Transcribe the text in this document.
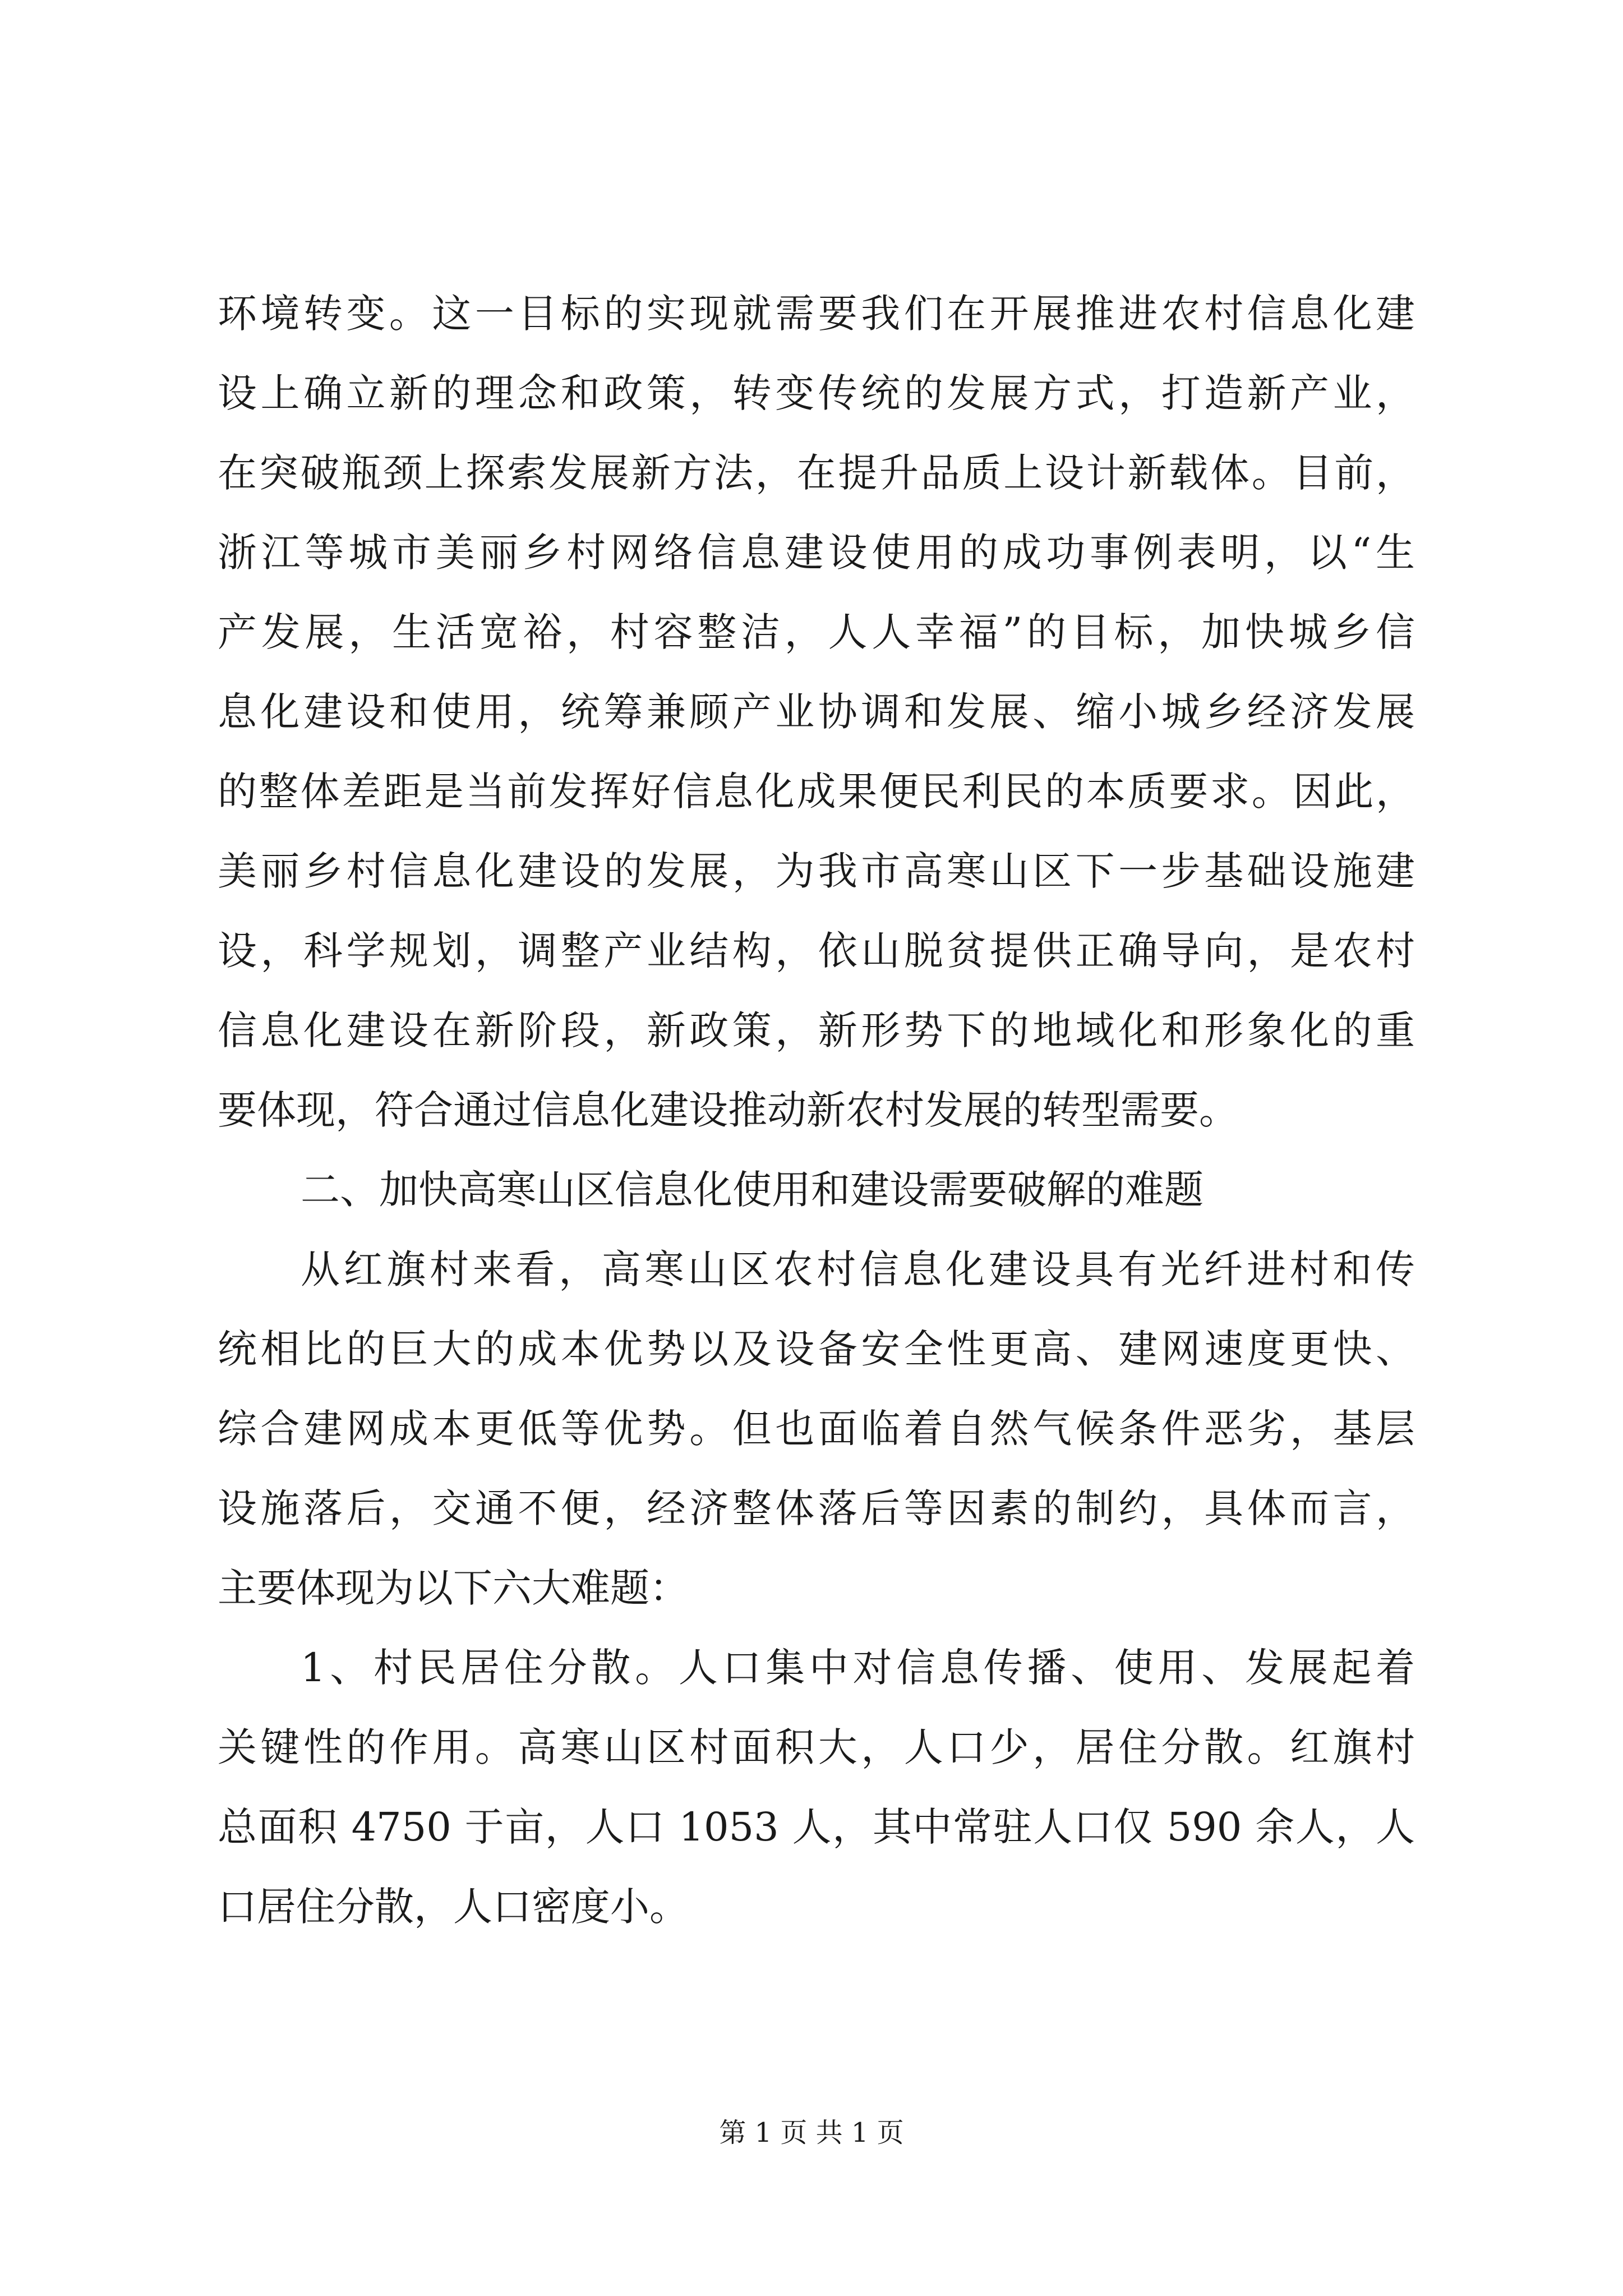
环境转变。这一目标的实现就需要我们在开展推进农村信息化建
设上确立新的理念和政策，转变传统的发展方式，打造新产业，
在突破瓶颈上探索发展新方法，在提升品质上设计新载体。目前，
浙江等城市美丽乡村网络信息建设使用的成功事例表明，以“生
产发展，生活宽裕，村容整洁，人人幸福”的目标，加快城乡信
息化建设和使用，统筹兼顾产业协调和发展、缩小城乡经济发展
的整体差距是当前发挥好信息化成果便民利民的本质要求。因此，
美丽乡村信息化建设的发展，为我市高寒山区下一步基础设施建
设，科学规划，调整产业结构，依山脱贫提供正确导向，是农村
信息化建设在新阶段，新政策，新形势下的地域化和形象化的重
要体现，符合通过信息化建设推动新农村发展的转型需要。
二、加快高寒山区信息化使用和建设需要破解的难题
从红旗村来看，高寒山区农村信息化建设具有光纤进村和传
统相比的巨大的成本优势以及设备安全性更高、建网速度更快、
综合建网成本更低等优势。但也面临着自然气候条件恶劣，基层
设施落后，交通不便，经济整体落后等因素的制约，具体而言，
主要体现为以下六大难题：
1、村民居住分散。人口集中对信息传播、使用、发展起着
关键性的作用。高寒山区村面积大，人口少，居住分散。红旗村
总面积 4750 于亩，人口 1053 人，其中常驻人口仅 590 余人，人
口居住分散，人口密度小。
第 1 页 共 1 页
